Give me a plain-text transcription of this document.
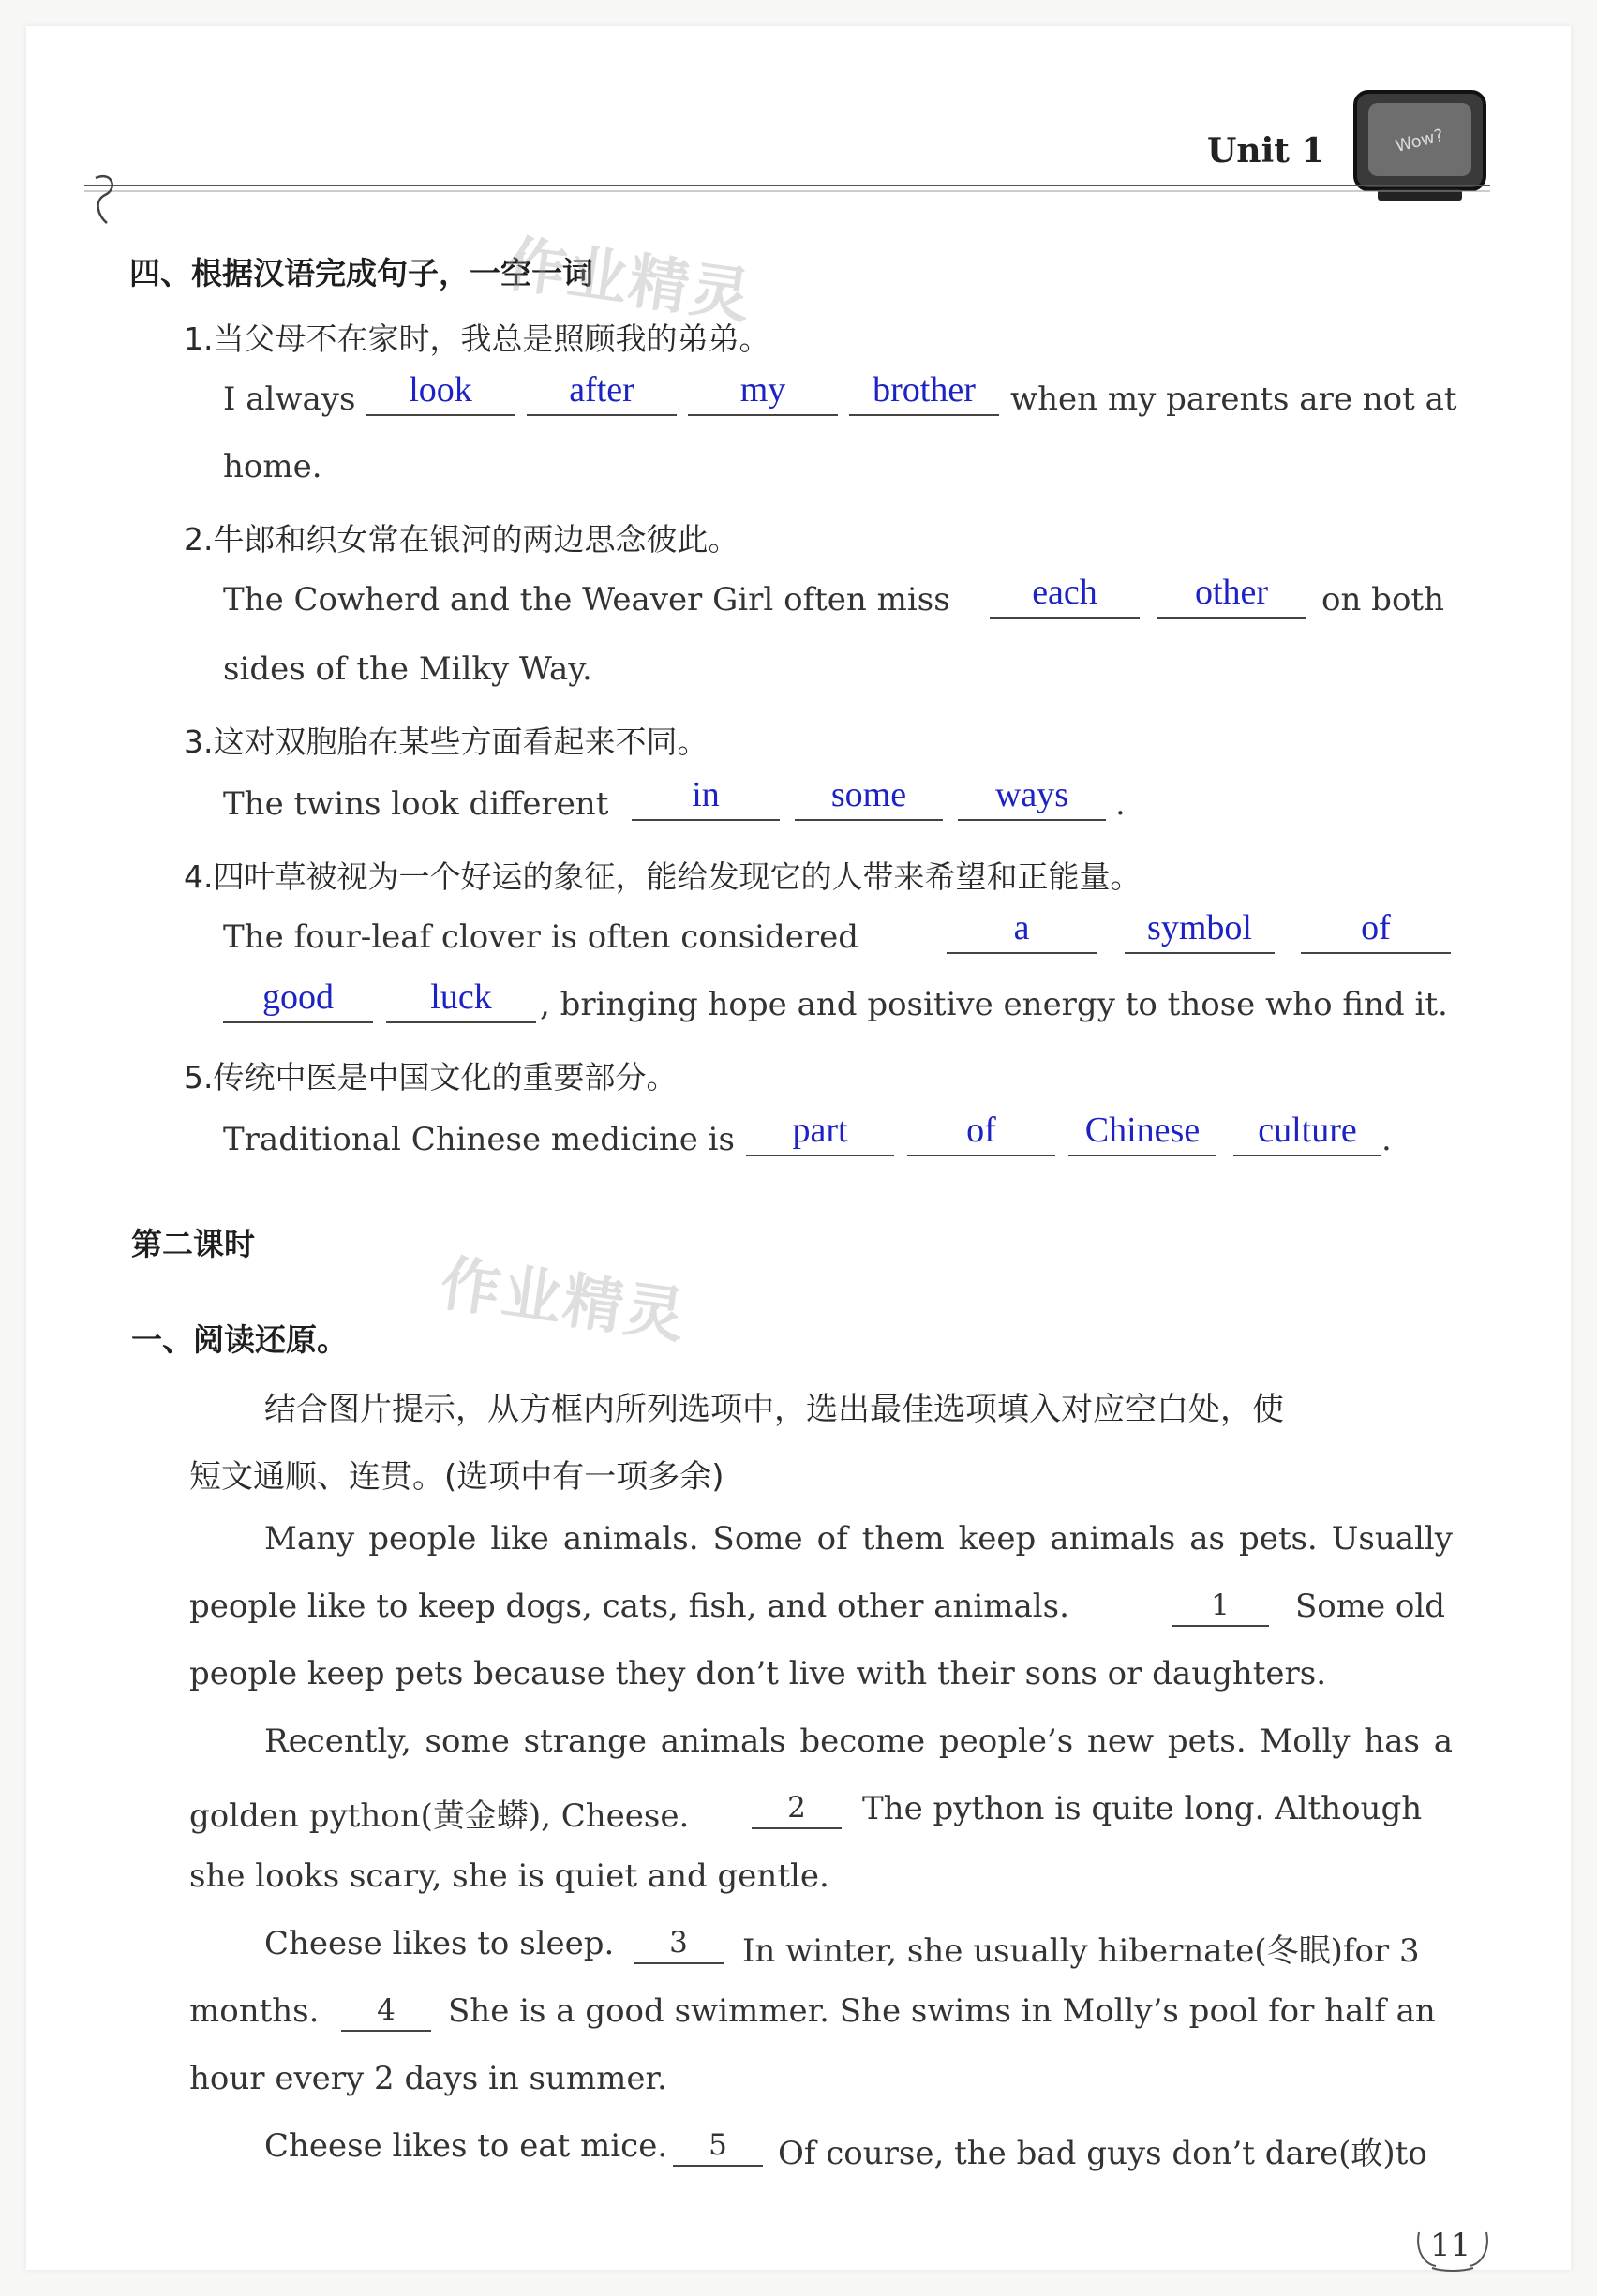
Unit 1	Wow?
四、根据汉语完成句子，一空一词
1.当父母不在家时，我总是照顾我的弟弟。
I always	look	after	my	brother	when my parents are not at
home.
2.牛郎和织女常在银河的两边思念彼此。
The Cowherd and the Weaver Girl often miss	each	other	on both
sides of the Milky Way.
3.这对双胞胎在某些方面看起来不同。
The twins look different	in	some	ways	.
4.四叶草被视为一个好运的象征，能给发现它的人带来希望和正能量。
The four-leaf clover is often considered	a	symbol	of
good	luck	, bringing hope and positive energy to those who find it.
5.传统中医是中国文化的重要部分。
Traditional Chinese medicine is	part	of	Chinese	culture .
第二课时
一、阅读还原。
结合图片提示，从方框内所列选项中，选出最佳选项填入对应空白处，使
短文通顺、连贯。(选项中有一项多余)
Many people like animals. Some of them keep animals as pets. Usually
people like to keep dogs, cats, fish, and other animals.	1	Some old
people keep pets because they don’t live with their sons or daughters.
Recently, some strange animals become people’s new pets. Molly has a
golden python(黄金蟒), Cheese.	2	The python is quite long. Although
she looks scary, she is quiet and gentle.
Cheese likes to sleep.	3	In winter, she usually hibernate(冬眠)for 3
months.	4	She is a good swimmer. She swims in Molly’s pool for half an
hour every 2 days in summer.
Cheese likes to eat mice.	5	Of course, the bad guys don’t dare(敢)to
作业精灵
作业精灵
11
